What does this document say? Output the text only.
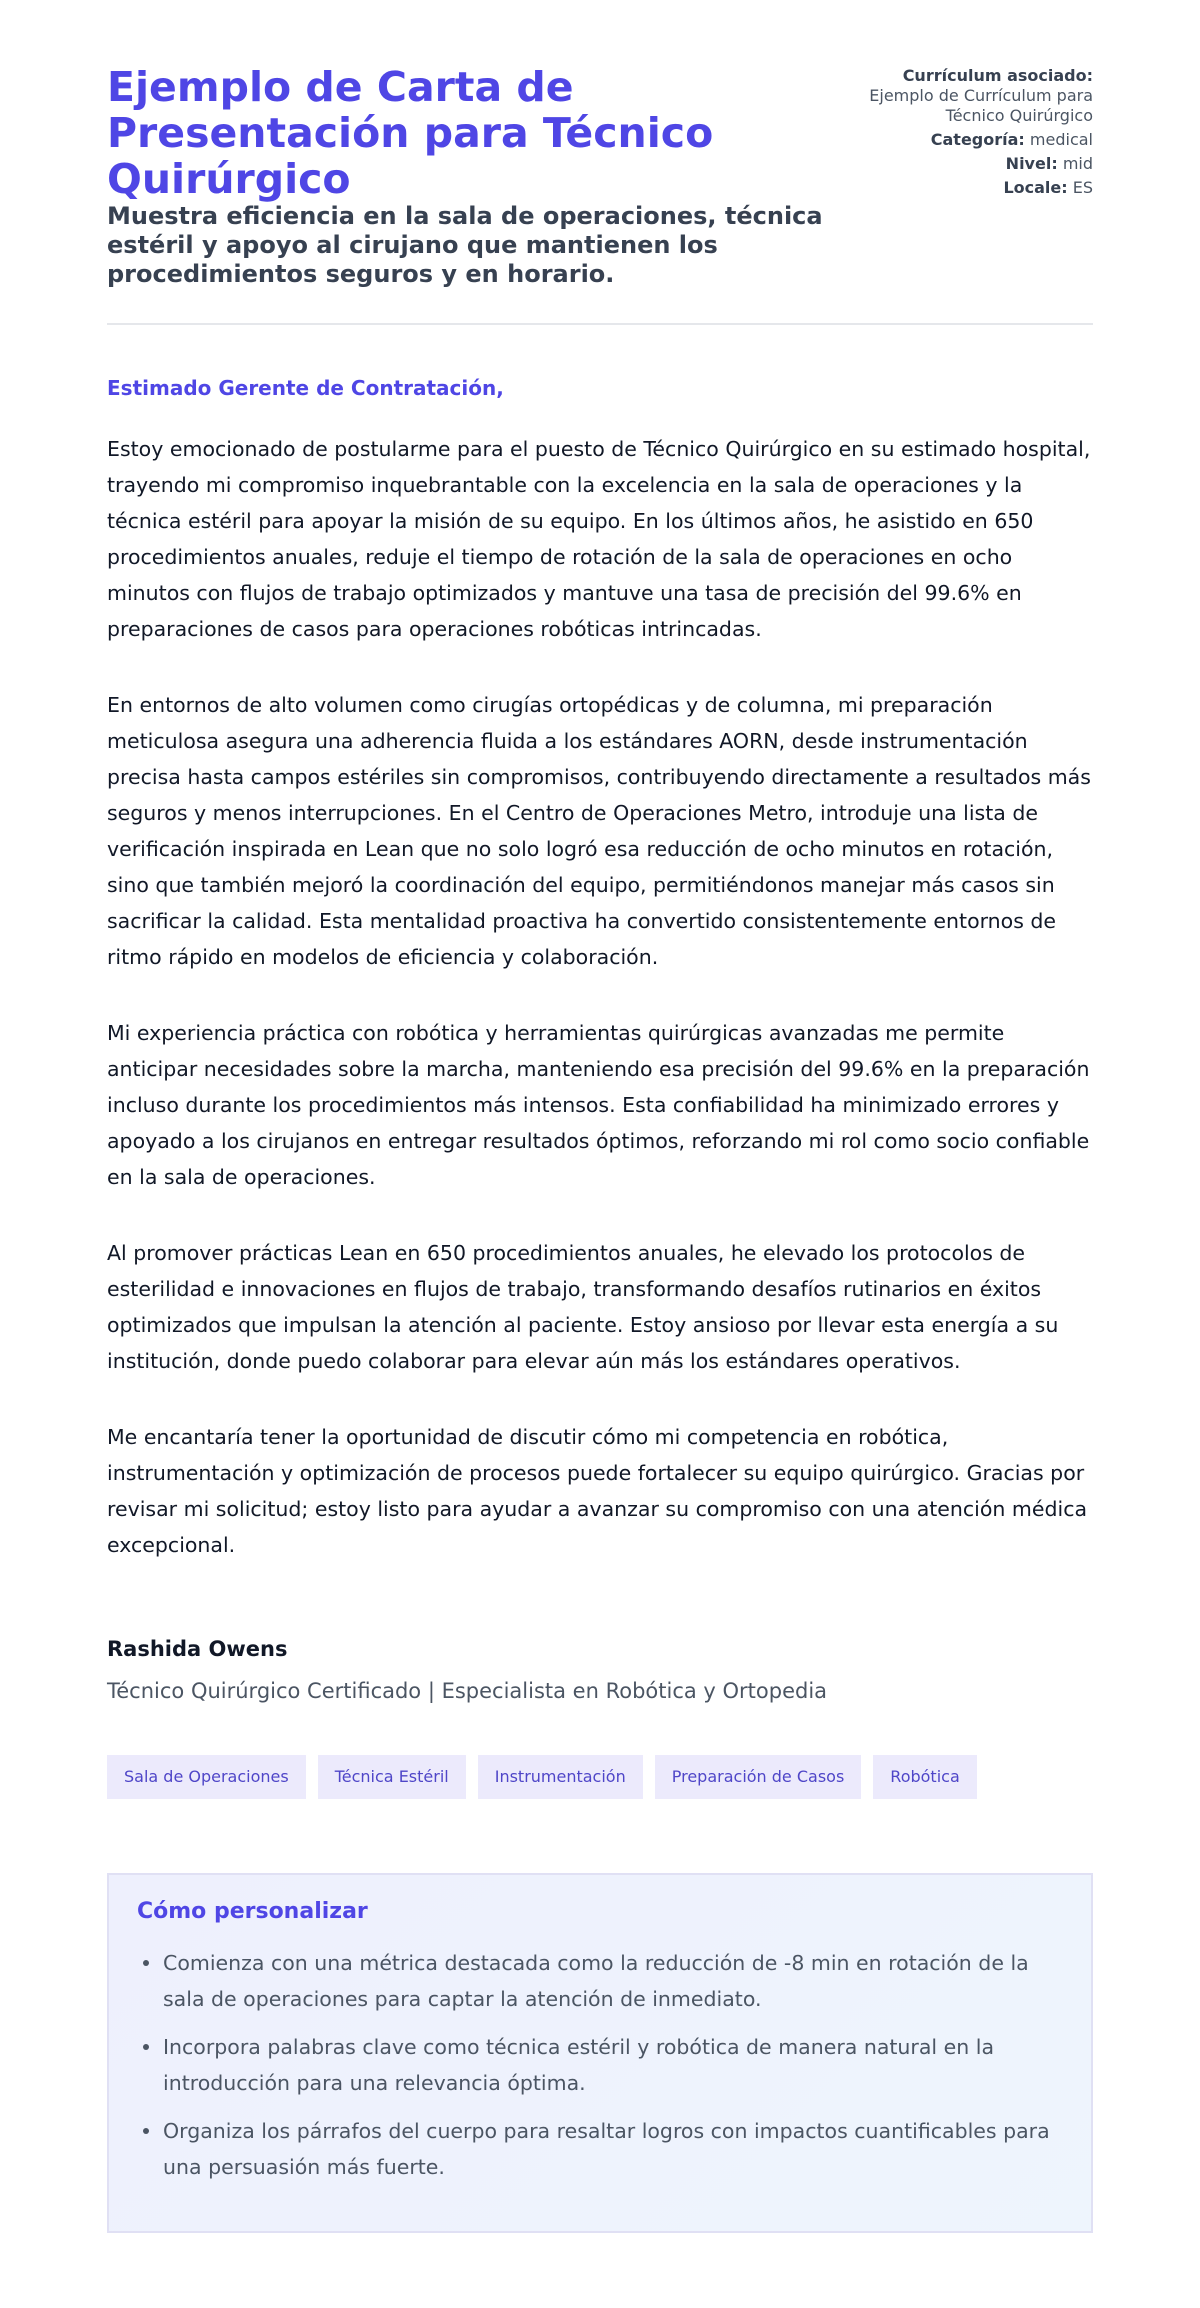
Ejemplo de Carta de Presentación para Técnico Quirúrgico
Muestra eficiencia en la sala de operaciones, técnica estéril y apoyo al cirujano que mantienen los procedimientos seguros y en horario.
Currículum asociado:
Ejemplo de Currículum para Técnico Quirúrgico
Categoría: medical
Nivel: mid
Locale: ES

Estimado Gerente de Contratación,

Estoy emocionado de postularme para el puesto de Técnico Quirúrgico en su estimado hospital, trayendo mi compromiso inquebrantable con la excelencia en la sala de operaciones y la técnica estéril para apoyar la misión de su equipo. En los últimos años, he asistido en 650 procedimientos anuales, reduje el tiempo de rotación de la sala de operaciones en ocho minutos con flujos de trabajo optimizados y mantuve una tasa de precisión del 99.6% en preparaciones de casos para operaciones robóticas intrincadas.

En entornos de alto volumen como cirugías ortopédicas y de columna, mi preparación meticulosa asegura una adherencia fluida a los estándares AORN, desde instrumentación precisa hasta campos estériles sin compromisos, contribuyendo directamente a resultados más seguros y menos interrupciones. En el Centro de Operaciones Metro, introduje una lista de verificación inspirada en Lean que no solo logró esa reducción de ocho minutos en rotación, sino que también mejoró la coordinación del equipo, permitiéndonos manejar más casos sin sacrificar la calidad. Esta mentalidad proactiva ha convertido consistentemente entornos de ritmo rápido en modelos de eficiencia y colaboración.

Mi experiencia práctica con robótica y herramientas quirúrgicas avanzadas me permite anticipar necesidades sobre la marcha, manteniendo esa precisión del 99.6% en la preparación incluso durante los procedimientos más intensos. Esta confiabilidad ha minimizado errores y apoyado a los cirujanos en entregar resultados óptimos, reforzando mi rol como socio confiable en la sala de operaciones.

Al promover prácticas Lean en 650 procedimientos anuales, he elevado los protocolos de esterilidad e innovaciones en flujos de trabajo, transformando desafíos rutinarios en éxitos optimizados que impulsan la atención al paciente. Estoy ansioso por llevar esta energía a su institución, donde puedo colaborar para elevar aún más los estándares operativos.

Me encantaría tener la oportunidad de discutir cómo mi competencia en robótica, instrumentación y optimización de procesos puede fortalecer su equipo quirúrgico. Gracias por revisar mi solicitud; estoy listo para ayudar a avanzar su compromiso con una atención médica excepcional.

Rashida Owens
Técnico Quirúrgico Certificado | Especialista en Robótica y Ortopedia
Sala de Operaciones	Técnica Estéril	Instrumentación	Preparación de Casos	Robótica
Cómo personalizar
Comienza con una métrica destacada como la reducción de -8 min en rotación de la sala de operaciones para captar la atención de inmediato.
Incorpora palabras clave como técnica estéril y robótica de manera natural en la introducción para una relevancia óptima.
Organiza los párrafos del cuerpo para resaltar logros con impactos cuantificables para una persuasión más fuerte.
